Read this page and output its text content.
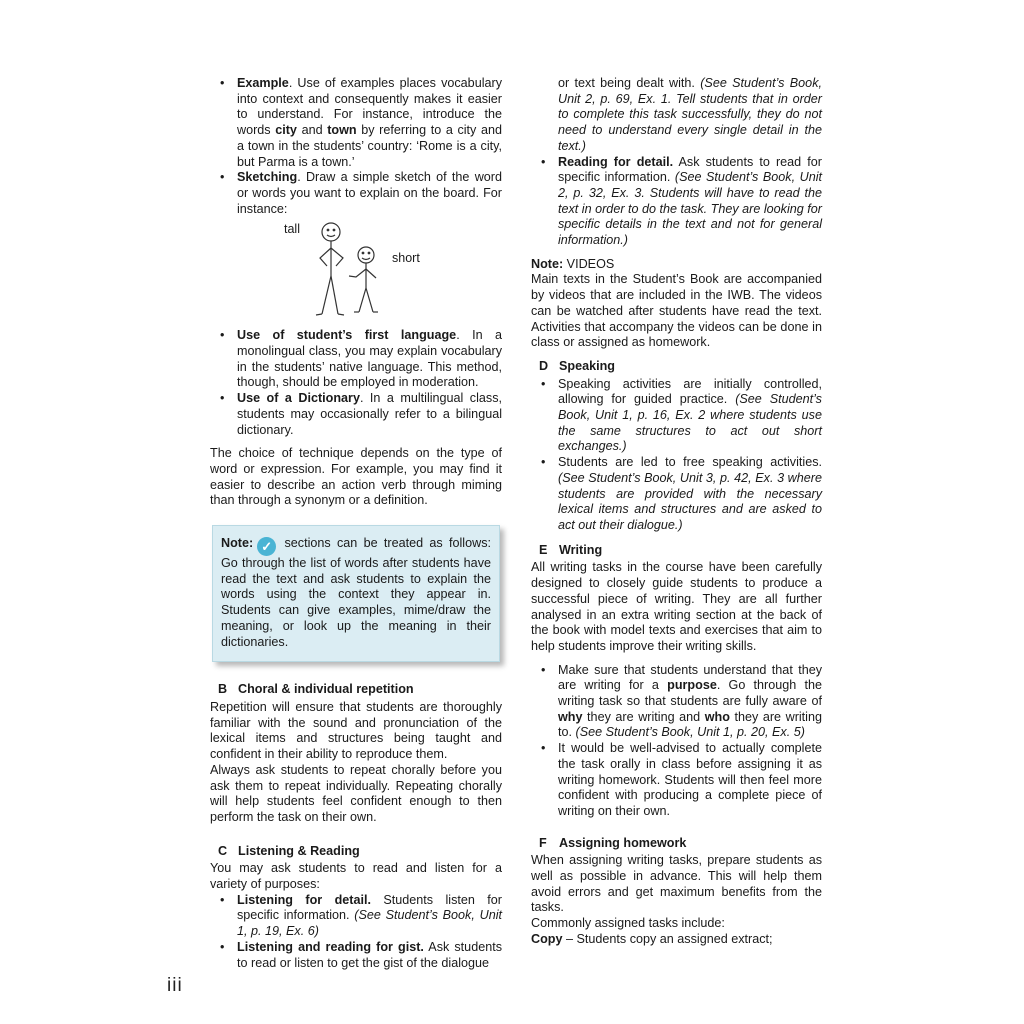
• Example. Use of examples places vocabulary into context and consequently makes it easier to understand. For instance, introduce the words city and town by referring to a city and a town in the students’ country: ‘Rome is a city, but Parma is a town.’
• Sketching. Draw a simple sketch of the word or words you want to explain on the board. For instance:
tall
short
• Use of student’s first language. In a monolingual class, you may explain vocabulary in the students’ native language. This method, though, should be employed in moderation.
• Use of a Dictionary. In a multilingual class, students may occasionally refer to a bilingual dictionary.

The choice of technique depends on the type of word or expression. For example, you may find it easier to describe an action verb through miming than through a synonym or a definition.

Note: ✓ sections can be treated as follows: Go through the list of words after students have read the text and ask students to explain the words using the context they appear in. Students can give examples, mime/draw the meaning, or look up the meaning in their dictionaries.
B Choral & individual repetition

Repetition will ensure that students are thoroughly familiar with the sound and pronunciation of the lexical items and structures being taught and confident in their ability to reproduce them.

Always ask students to repeat chorally before you ask them to repeat individually. Repeating chorally will help students feel confident enough to then perform the task on their own.

C Listening & Reading

You may ask students to read and listen for a variety of purposes:

• Listening for detail. Students listen for specific information. (See Student’s Book, Unit 1, p. 19, Ex. 6)
• Listening and reading for gist. Ask students to read or listen to get the gist of the dialogue
or text being dealt with. (See Student’s Book, Unit 2, p. 69, Ex. 1. Tell students that in order to complete this task successfully, they do not need to understand every single detail in the text.)
• Reading for detail. Ask students to read for specific information. (See Student’s Book, Unit 2, p. 32, Ex. 3. Students will have to read the text in order to do the task. They are looking for specific details in the text and not for general information.)

Note: VIDEOS

Main texts in the Student’s Book are accompanied by videos that are included in the IWB. The videos can be watched after students have read the text. Activities that accompany the videos can be done in class or assigned as homework.

D Speaking
• Speaking activities are initially controlled, allowing for guided practice. (See Student’s Book, Unit 1, p. 16, Ex. 2 where students use the same structures to act out short exchanges.)
• Students are led to free speaking activities. (See Student’s Book, Unit 3, p. 42, Ex. 3 where students are provided with the necessary lexical items and structures and are asked to act out their dialogue.)
E Writing

All writing tasks in the course have been carefully designed to closely guide students to produce a successful piece of writing. They are all further analysed in an extra writing section at the back of the book with model texts and exercises that aim to help students improve their writing skills.

• Make sure that students understand that they are writing for a purpose. Go through the writing task so that students are fully aware of why they are writing and who they are writing to. (See Student’s Book, Unit 1, p. 20, Ex. 5)
• It would be well-advised to actually complete the task orally in class before assigning it as writing homework. Students will then feel more confident with producing a complete piece of writing on their own.
F Assigning homework

When assigning writing tasks, prepare students as well as possible in advance. This will help them avoid errors and get maximum benefits from the tasks.

Commonly assigned tasks include:

Copy – Students copy an assigned extract;

iii
